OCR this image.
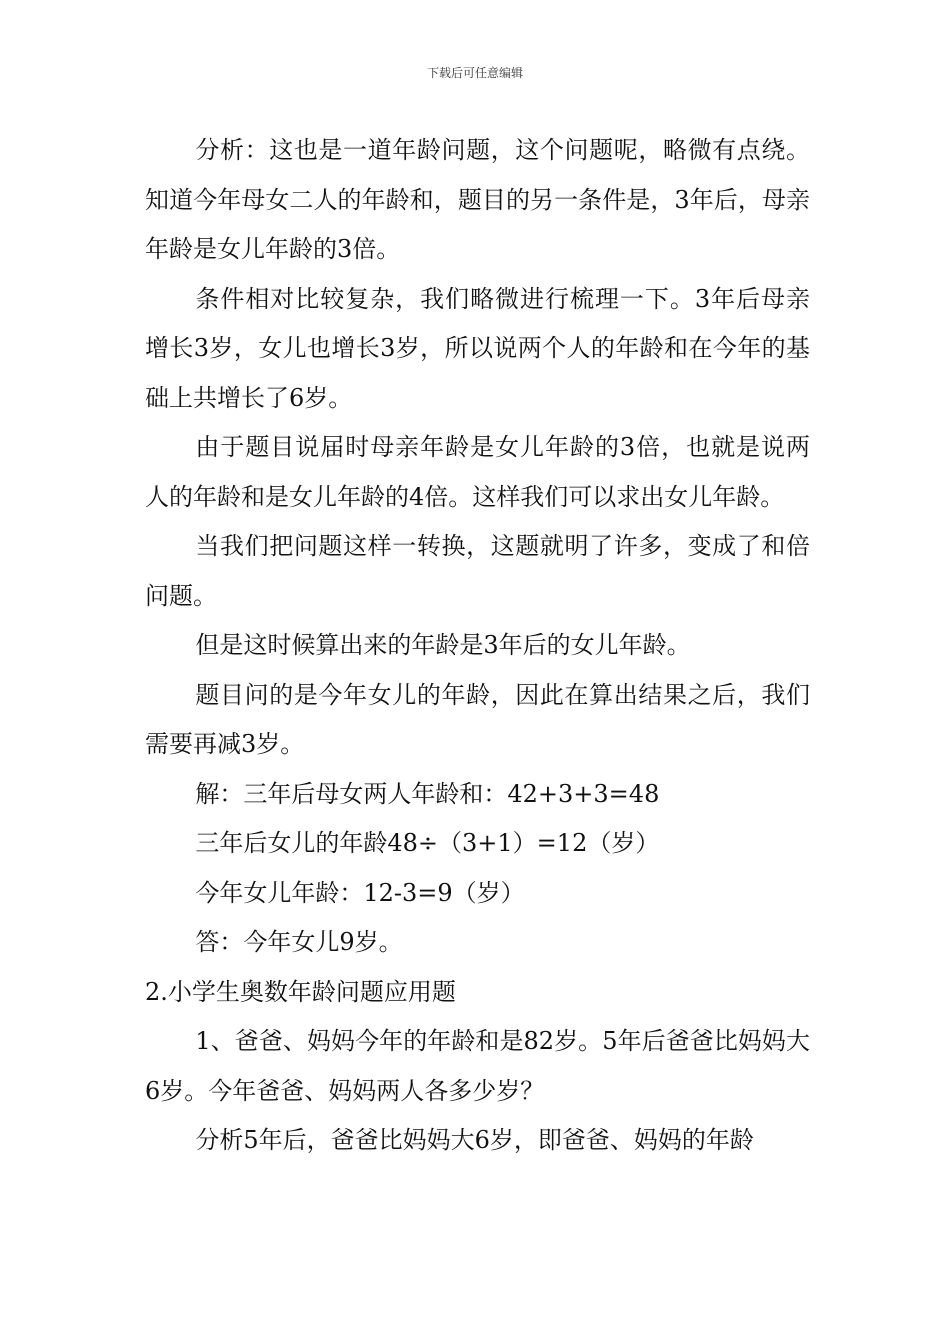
下载后可任意编辑

分析：这也是一道年龄问题，这个问题呢，略微有点绕。知道今年母女二人的年龄和，题目的另一条件是，3年后，母亲年龄是女儿年龄的3倍。

条件相对比较复杂，我们略微进行梳理一下。3年后母亲增长3岁，女儿也增长3岁，所以说两个人的年龄和在今年的基础上共增长了6岁。

由于题目说届时母亲年龄是女儿年龄的3倍，也就是说两人的年龄和是女儿年龄的4倍。这样我们可以求出女儿年龄。

当我们把问题这样一转换，这题就明了许多，变成了和倍问题。

但是这时候算出来的年龄是3年后的女儿年龄。

题目问的是今年女儿的年龄，因此在算出结果之后，我们需要再减3岁。

解：三年后母女两人年龄和：42+3+3=48

三年后女儿的年龄48÷（3+1）=12（岁）

今年女儿年龄：12-3=9（岁）

答：今年女儿9岁。

2.小学生奥数年龄问题应用题

1、爸爸、妈妈今年的年龄和是82岁。5年后爸爸比妈妈大6岁。今年爸爸、妈妈两人各多少岁？

分析5年后，爸爸比妈妈大6岁，即爸爸、妈妈的年龄
